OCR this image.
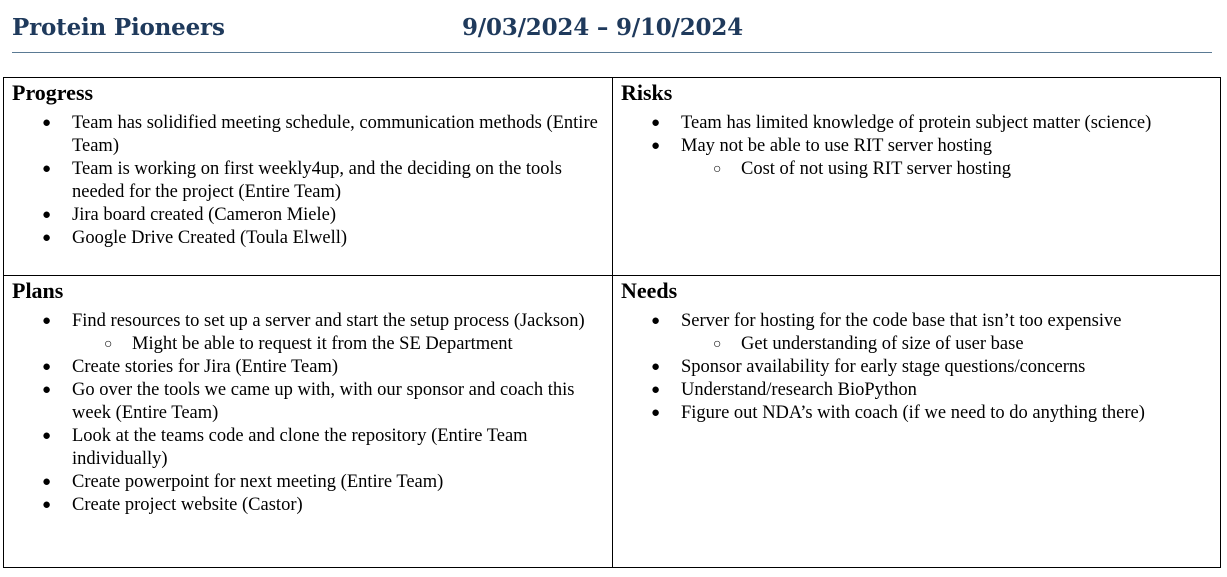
Protein Pioneers	9/03/2024 – 9/10/2024
Progress
● Team has solidified meeting schedule, communication methods (Entire Team)
● Team is working on first weekly4up, and the deciding on the tools needed for the project (Entire Team)
● Jira board created (Cameron Miele)
● Google Drive Created (Toula Elwell)
Risks
● Team has limited knowledge of protein subject matter (science)
● May not be able to use RIT server hosting
○ Cost of not using RIT server hosting
Plans
● Find resources to set up a server and start the setup process (Jackson)
○ Might be able to request it from the SE Department
● Create stories for Jira (Entire Team)
● Go over the tools we came up with, with our sponsor and coach this week (Entire Team)
● Look at the teams code and clone the repository (Entire Team individually)
● Create powerpoint for next meeting (Entire Team)
● Create project website (Castor)
Needs
● Server for hosting for the code base that isn’t too expensive
○ Get understanding of size of user base
● Sponsor availability for early stage questions/concerns
● Understand/research BioPython
● Figure out NDA’s with coach (if we need to do anything there)
